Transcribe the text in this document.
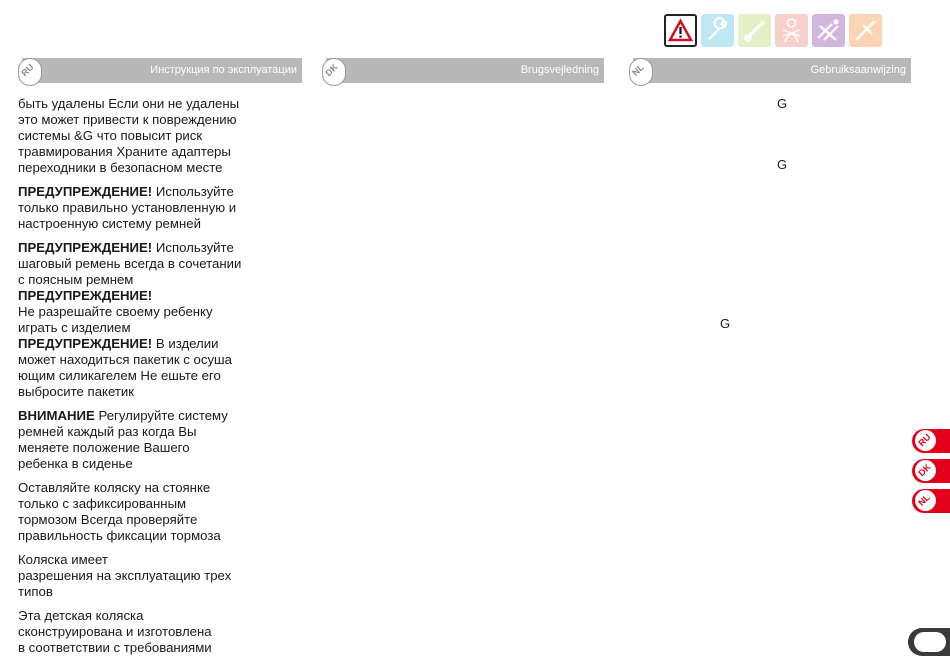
RU	Инструкция по эксплуатации	DK	Brugsvejledning	NL	Gebruiksaanwijzing

быть удалены Если они не удалены
это может привести к повреждению
системы &G что повысит риск
травмирования Храните адаптеры
переходники в безопасном месте

ПРЕДУПРЕЖДЕНИЕ! Используйте
только правильно установленную и
настроенную систему ремней

ПРЕДУПРЕЖДЕНИЕ! Используйте
шаговый ремень всегда в сочетании
с поясным ремнем

ПРЕДУПРЕЖДЕНИЕ!
Не разрешайте своему ребенку
играть с изделием

ПРЕДУПРЕЖДЕНИЕ! В изделии
может находиться пакетик с осуша
ющим силикагелем Не ешьте его
выбросите пакетик

ВНИМАНИЕ Регулируйте систему
ремней каждый раз когда Вы
меняете положение Вашего
ребенка в сиденье

Оставляйте коляску на стоянке
только с зафиксированным
тормозом Всегда проверяйте
правильность фиксации тормоза

Коляска имеет
разрешения на эксплуатацию трех
типов

Эта детская коляска
сконструирована и изготовлена
в соответствии с требованиями

G
G
G
RU
DK
NL
